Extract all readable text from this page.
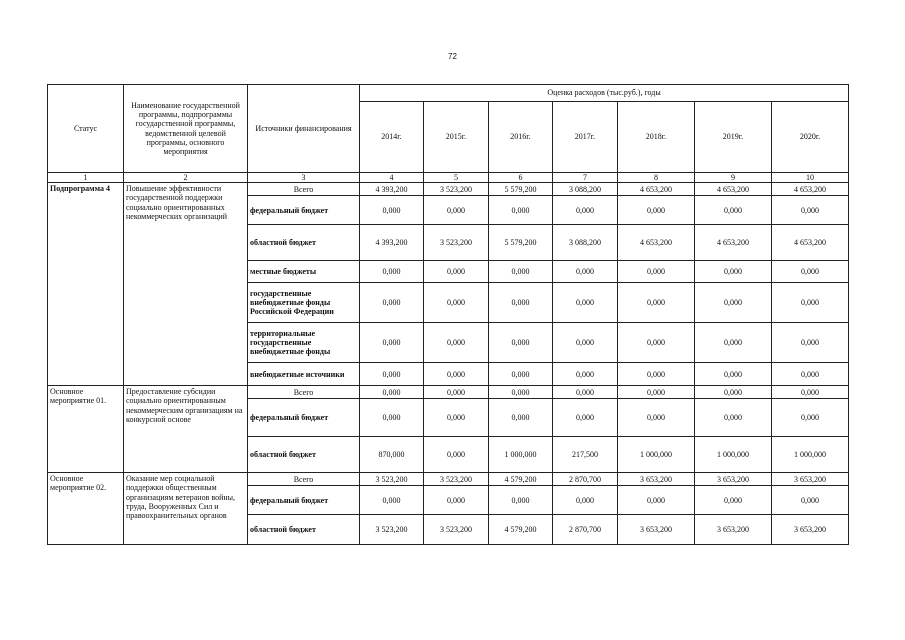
72
Статус	Наименование государственной программы, подпрограммы государственной программы, ведомственной целевой программы, основного мероприятия	Источники финансирования	Оценка расходов (тыс.руб.), годы						
			2014г.	2015г.	2016г.	2017г.	2018г.	2019г.	2020г.
1	2	3	4	5	6	7	8	9	10
Подпрограмма 4	Повышение эффективности государственной поддержки социально ориентированных некоммерческих организаций	Всего	4 393,200	3 523,200	5 579,200	3 088,200	4 653,200	4 653,200	4 653,200
		федеральный бюджет	0,000	0,000	0,000	0,000	0,000	0,000	0,000
		областной бюджет	4 393,200	3 523,200	5 579,200	3 088,200	4 653,200	4 653,200	4 653,200
		местные бюджеты	0,000	0,000	0,000	0,000	0,000	0,000	0,000
		государственные внебюджетные фонды Российской Федерации	0,000	0,000	0,000	0,000	0,000	0,000	0,000
		территориальные государственные внебюджетные фонды	0,000	0,000	0,000	0,000	0,000	0,000	0,000
		внебюджетные источники	0,000	0,000	0,000	0,000	0,000	0,000	0,000
Основное мероприятие 01.	Предоставление субсидии социально ориентированным некоммерческим организациям на конкурсной основе	Всего	0,000	0,000	0,000	0,000	0,000	0,000	0,000
		федеральный бюджет	0,000	0,000	0,000	0,000	0,000	0,000	0,000
		областной бюджет	870,000	0,000	1 000,000	217,500	1 000,000	1 000,000	1 000,000
Основное мероприятие 02.	Оказание мер социальной поддержки общественным организациям ветеранов войны, труда, Вооруженных Сил и правоохранительных органов	Всего	3 523,200	3 523,200	4 579,200	2 870,700	3 653,200	3 653,200	3 653,200
		федеральный бюджет	0,000	0,000	0,000	0,000	0,000	0,000	0,000
		областной бюджет	3 523,200	3 523,200	4 579,200	2 870,700	3 653,200	3 653,200	3 653,200
